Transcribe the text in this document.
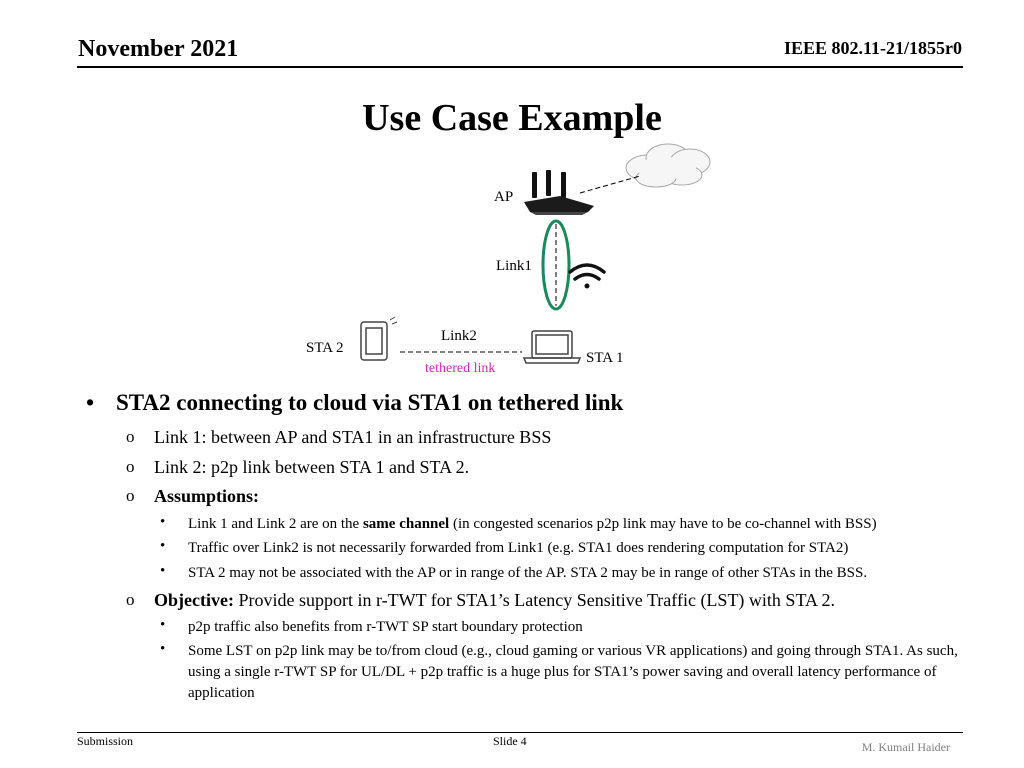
November 2021	IEEE 802.11-21/1855r0
Use Case Example
AP
Link1
STA 2
STA 1
Link2
tethered link
• STA2 connecting to cloud via STA1 on tethered link
o Link 1: between AP and STA1 in an infrastructure BSS
o Link 2: p2p link between STA 1 and STA 2.
o Assumptions:
• Link 1 and Link 2 are on the same channel (in congested scenarios p2p link may have to be co-channel with BSS)
• Traffic over Link2 is not necessarily forwarded from Link1 (e.g. STA1 does rendering computation for STA2)
• STA 2 may not be associated with the AP or in range of the AP. STA 2 may be in range of other STAs in the BSS.
o Objective: Provide support in r-TWT for STA1’s Latency Sensitive Traffic (LST) with STA 2.
• p2p traffic also benefits from r-TWT SP start boundary protection
• Some LST on p2p link may be to/from cloud (e.g., cloud gaming or various VR applications) and going through STA1. As such, using a single r-TWT SP for UL/DL + p2p traffic is a huge plus for STA1’s power saving and overall latency performance of application
Submission	Slide 4	M. Kumail Haider
